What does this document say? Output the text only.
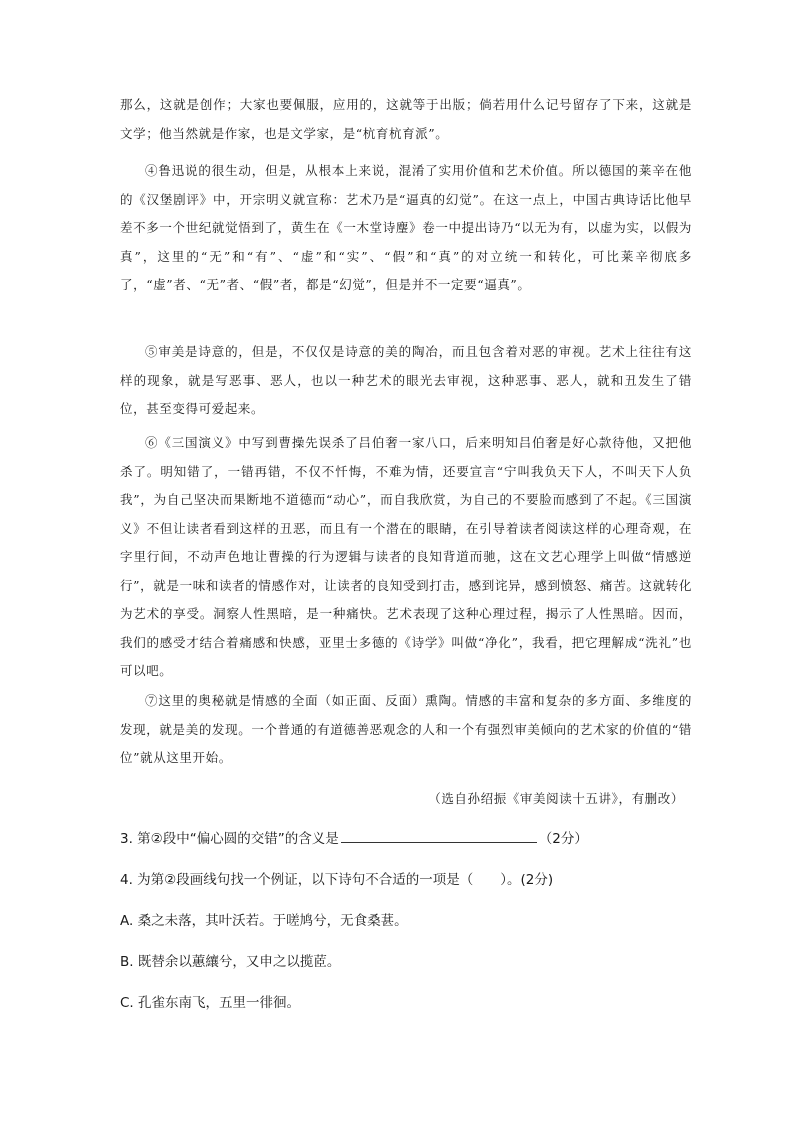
那么，这就是创作；大家也要佩服，应用的，这就等于出版；倘若用什么记号留存了下来，这就是文学；他当然就是作家，也是文学家，是“杭育杭育派”。

④鲁迅说的很生动，但是，从根本上来说，混淆了实用价值和艺术价值。所以德国的莱辛在他的《汉堡剧评》中，开宗明义就宣称：艺术乃是“逼真的幻觉”。在这一点上，中国古典诗话比他早差不多一个世纪就觉悟到了，黄生在《一木堂诗麈》卷一中提出诗乃“以无为有，以虚为实，以假为真”，这里的“无”和“有”、“虚”和“实”、“假”和“真”的对立统一和转化，可比莱辛彻底多了，“虚”者、“无”者、“假”者，都是“幻觉”，但是并不一定要“逼真”。

⑤审美是诗意的，但是，不仅仅是诗意的美的陶冶，而且包含着对恶的审视。艺术上往往有这样的现象，就是写恶事、恶人，也以一种艺术的眼光去审视，这种恶事、恶人，就和丑发生了错位，甚至变得可爱起来。

⑥《三国演义》中写到曹操先误杀了吕伯奢一家八口，后来明知吕伯奢是好心款待他，又把他杀了。明知错了，一错再错，不仅不忏悔，不难为情，还要宣言“宁叫我负天下人，不叫天下人负我”，为自己坚决而果断地不道德而“动心”，而自我欣赏，为自己的不要脸而感到了不起。《三国演义》不但让读者看到这样的丑恶，而且有一个潜在的眼睛，在引导着读者阅读这样的心理奇观，在字里行间，不动声色地让曹操的行为逻辑与读者的良知背道而驰，这在文艺心理学上叫做“情感逆行”，就是一味和读者的情感作对，让读者的良知受到打击，感到诧异，感到愤怒、痛苦。这就转化为艺术的享受。洞察人性黑暗，是一种痛快。艺术表现了这种心理过程，揭示了人性黑暗。因而，我们的感受才结合着痛感和快感，亚里士多德的《诗学》叫做“净化”，我看，把它理解成“洗礼”也可以吧。

⑦这里的奥秘就是情感的全面（如正面、反面）熏陶。情感的丰富和复杂的多方面、多维度的发现，就是美的发现。一个普通的有道德善恶观念的人和一个有强烈审美倾向的艺术家的价值的“错位”就从这里开始。

（选自孙绍振《审美阅读十五讲》，有删改）

3. 第②段中“偏心圆的交错”的含义是	（2分）

4. 为第②段画线句找一个例证，以下诗句不合适的一项是（　　）。(2分)

A. 桑之未落，其叶沃若。于嗟鸠兮，无食桑葚。

B. 既替余以蕙纕兮，又申之以揽茝。

C. 孔雀东南飞，五里一徘徊。
